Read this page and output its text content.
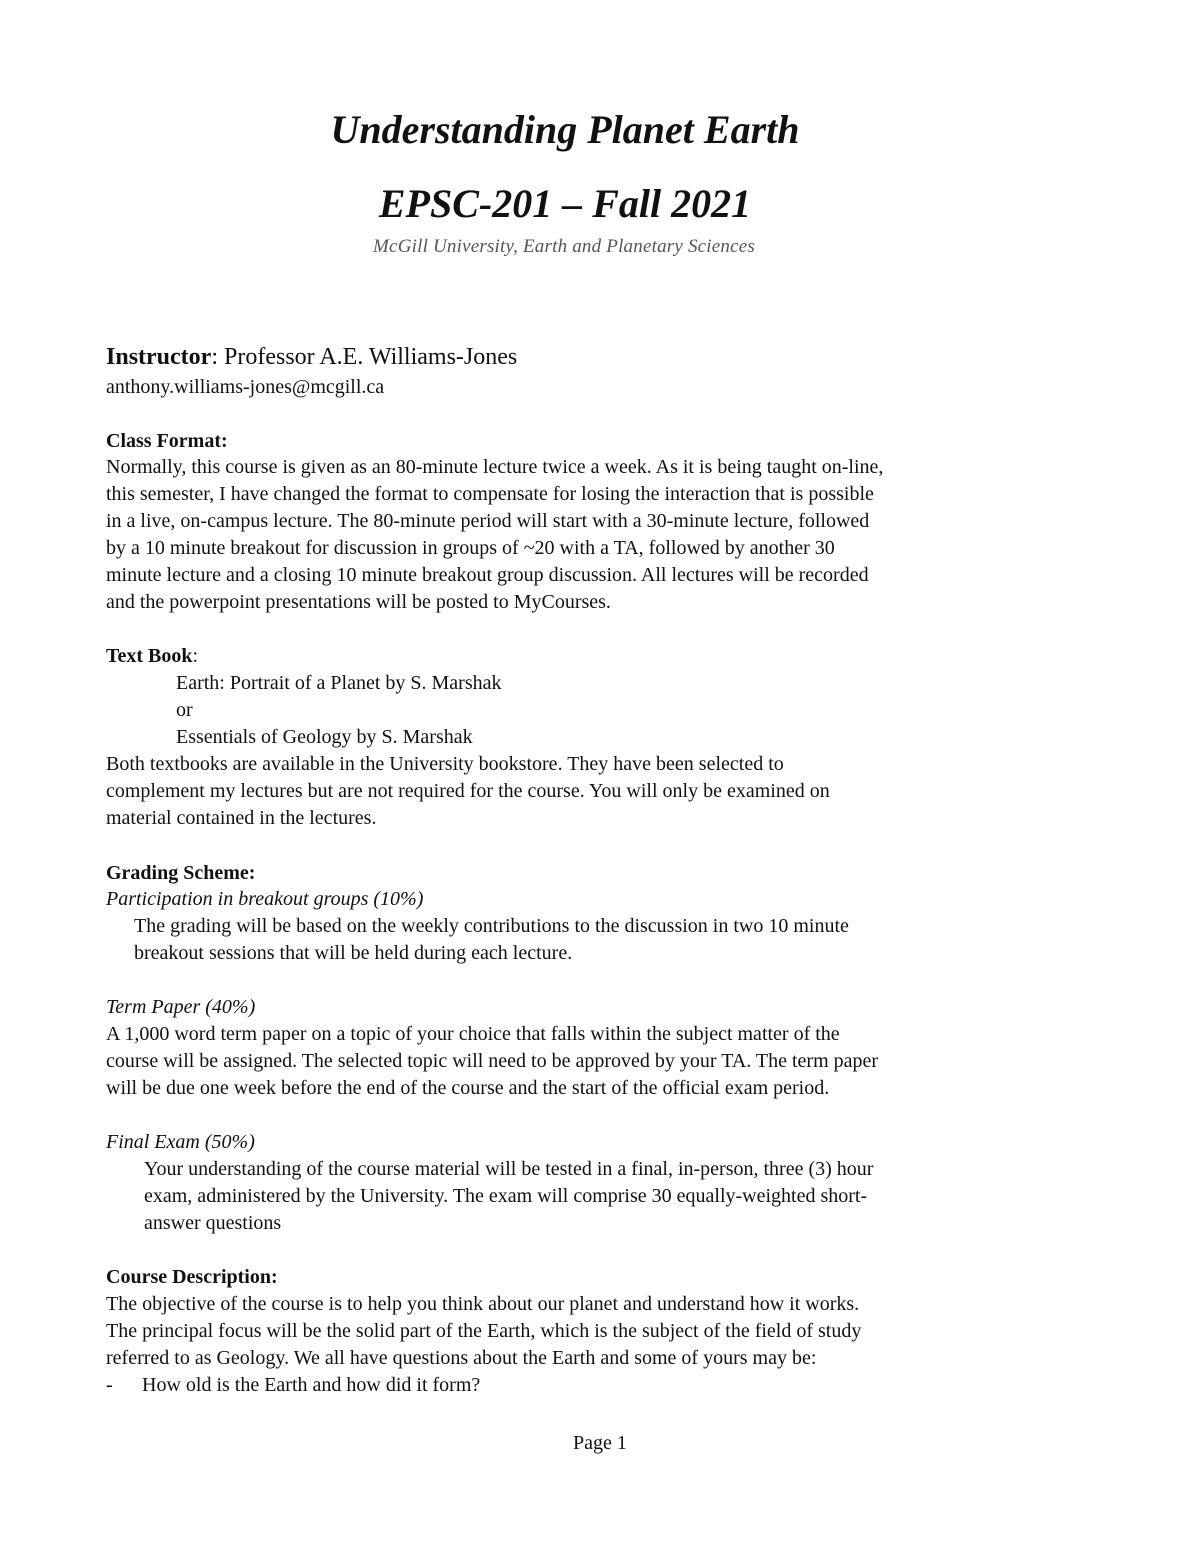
Understanding Planet Earth
EPSC-201 – Fall 2021
McGill University, Earth and Planetary Sciences
Instructor: Professor A.E. Williams-Jones
anthony.williams-jones@mcgill.ca
Class Format:
Normally, this course is given as an 80-minute lecture twice a week. As it is being taught on-line,
this semester, I have changed the format to compensate for losing the interaction that is possible
in a live, on-campus lecture. The 80-minute period will start with a 30-minute lecture, followed
by a 10 minute breakout for discussion in groups of ~20 with a TA, followed by another 30
minute lecture and a closing 10 minute breakout group discussion. All lectures will be recorded
and the powerpoint presentations will be posted to MyCourses.
Text Book:
Earth: Portrait of a Planet by S. Marshak
or
Essentials of Geology by S. Marshak
Both textbooks are available in the University bookstore. They have been selected to
complement my lectures but are not required for the course. You will only be examined on
material contained in the lectures.
Grading Scheme:
Participation in breakout groups (10%)
The grading will be based on the weekly contributions to the discussion in two 10 minute
breakout sessions that will be held during each lecture.
Term Paper (40%)
A 1,000 word term paper on a topic of your choice that falls within the subject matter of the
course will be assigned. The selected topic will need to be approved by your TA. The term paper
will be due one week before the end of the course and the start of the official exam period.
Final Exam (50%)
Your understanding of the course material will be tested in a final, in-person, three (3) hour
exam, administered by the University. The exam will comprise 30 equally-weighted short-
answer questions
Course Description:
The objective of the course is to help you think about our planet and understand how it works.
The principal focus will be the solid part of the Earth, which is the subject of the field of study
referred to as Geology. We all have questions about the Earth and some of yours may be:
- How old is the Earth and how did it form?
Page 1
